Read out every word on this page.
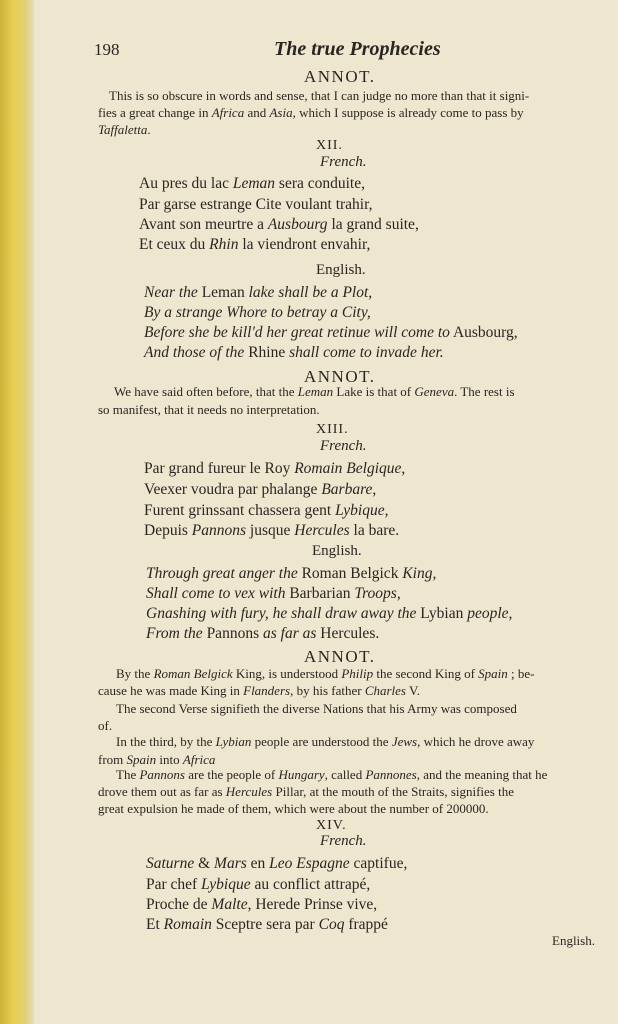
198	The true Prophecies
ANNOT.
This is so obscure in words and sense, that I can judge no more than that it signi-
fies a great change in Africa and Asia, which I suppose is already come to pass by
Taffaletta.
XII.
French.
Au pres du lac Leman sera conduite,
Par garse estrange Cite voulant trahir,
Avant son meurtre a Ausbourg la grand suite,
Et ceux du Rhin la viendront envahir,
English.
Near the Leman lake shall be a Plot,
By a strange Whore to betray a City,
Before she be kill'd her great retinue will come to Ausbourg,
And those of the Rhine shall come to invade her.
ANNOT.
We have said often before, that the Leman Lake is that of Geneva. The rest is
so manifest, that it needs no interpretation.
XIII.
French.
Par grand fureur le Roy Romain Belgique,
Veexer voudra par phalange Barbare,
Furent grinssant chassera gent Lybique,
Depuis Pannons jusque Hercules la bare.
English.
Through great anger the Roman Belgick King,
Shall come to vex with Barbarian Troops,
Gnashing with fury, he shall draw away the Lybian people,
From the Pannons as far as Hercules.
ANNOT.
By the Roman Belgick King, is understood Philip the second King of Spain ; be-
cause he was made King in Flanders, by his father Charles V.
The second Verse signifieth the diverse Nations that his Army was composed
of.
In the third, by the Lybian people are understood the Jews, which he drove away
from Spain into Africa
The Pannons are the people of Hungary, called Pannones, and the meaning that he
drove them out as far as Hercules Pillar, at the mouth of the Straits, signifies the
great expulsion he made of them, which were about the number of 200000.
XIV.
French.
Saturne & Mars en Leo Espagne captifue,
Par chef Lybique au conflict attrapé,
Proche de Malte, Herede Prinse vive,
Et Romain Sceptre sera par Coq frappé
English.
